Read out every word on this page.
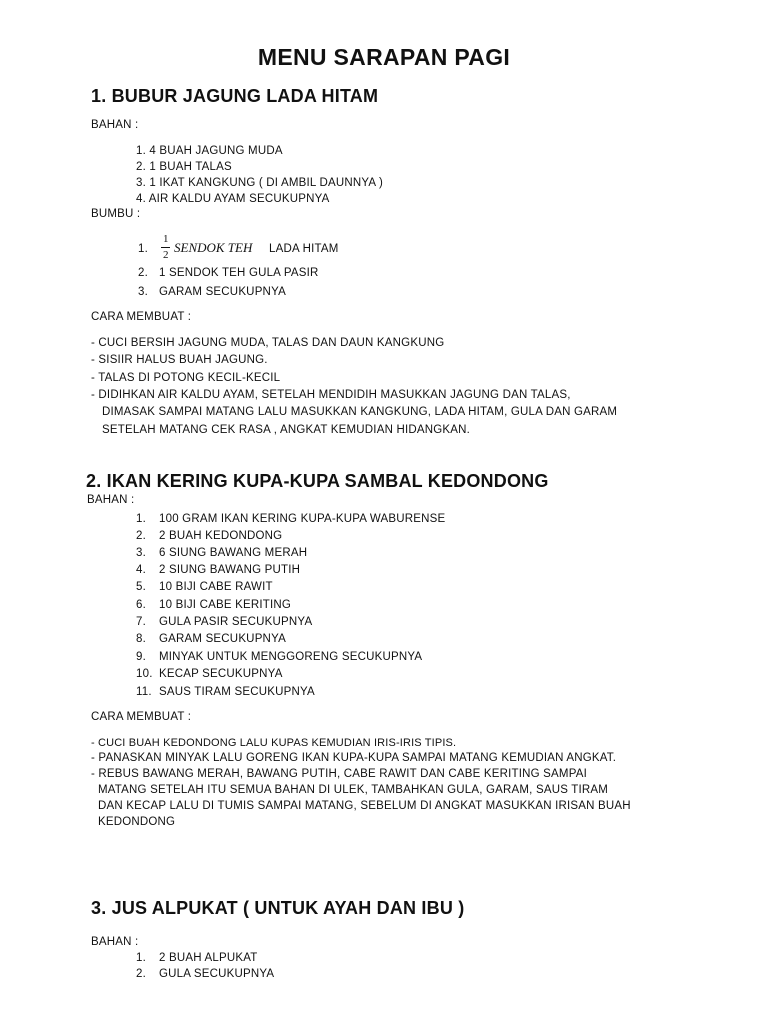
MENU SARAPAN PAGI
1. BUBUR JAGUNG LADA HITAM
BAHAN :
1. 4 BUAH JAGUNG MUDA
2. 1 BUAH TALAS
3. 1 IKAT KANGKUNG ( DI AMBIL DAUNNYA )
4. AIR KALDU AYAM SECUKUPNYA
BUMBU :
1.
1
2 SENDOK TEH LADA HITAM
2. 1 SENDOK TEH GULA PASIR
3. GARAM SECUKUPNYA
CARA MEMBUAT :
- CUCI BERSIH JAGUNG MUDA, TALAS DAN DAUN KANGKUNG
- SISIIR HALUS BUAH JAGUNG.
- TALAS DI POTONG KECIL-KECIL
- DIDIHKAN AIR KALDU AYAM, SETELAH MENDIDIH MASUKKAN JAGUNG DAN TALAS,
DIMASAK SAMPAI MATANG LALU MASUKKAN KANGKUNG, LADA HITAM, GULA DAN GARAM
SETELAH MATANG CEK RASA , ANGKAT KEMUDIAN HIDANGKAN.
2. IKAN KERING KUPA-KUPA SAMBAL KEDONDONG
BAHAN :
1. 100 GRAM IKAN KERING KUPA-KUPA WABURENSE
2. 2 BUAH KEDONDONG
3. 6 SIUNG BAWANG MERAH
4. 2 SIUNG BAWANG PUTIH
5. 10 BIJI CABE RAWIT
6. 10 BIJI CABE KERITING
7. GULA PASIR SECUKUPNYA
8. GARAM SECUKUPNYA
9. MINYAK UNTUK MENGGORENG SECUKUPNYA
10. KECAP SECUKUPNYA
11. SAUS TIRAM SECUKUPNYA
CARA MEMBUAT :
- CUCI BUAH KEDONDONG LALU KUPAS KEMUDIAN IRIS-IRIS TIPIS.
- PANASKAN MINYAK LALU GORENG IKAN KUPA-KUPA SAMPAI MATANG KEMUDIAN ANGKAT.
- REBUS BAWANG MERAH, BAWANG PUTIH, CABE RAWIT DAN CABE KERITING SAMPAI
MATANG SETELAH ITU SEMUA BAHAN DI ULEK, TAMBAHKAN GULA, GARAM, SAUS TIRAM
DAN KECAP LALU DI TUMIS SAMPAI MATANG, SEBELUM DI ANGKAT MASUKKAN IRISAN BUAH
KEDONDONG
3. JUS ALPUKAT ( UNTUK AYAH DAN IBU )
BAHAN :
1. 2 BUAH ALPUKAT
2. GULA SECUKUPNYA
